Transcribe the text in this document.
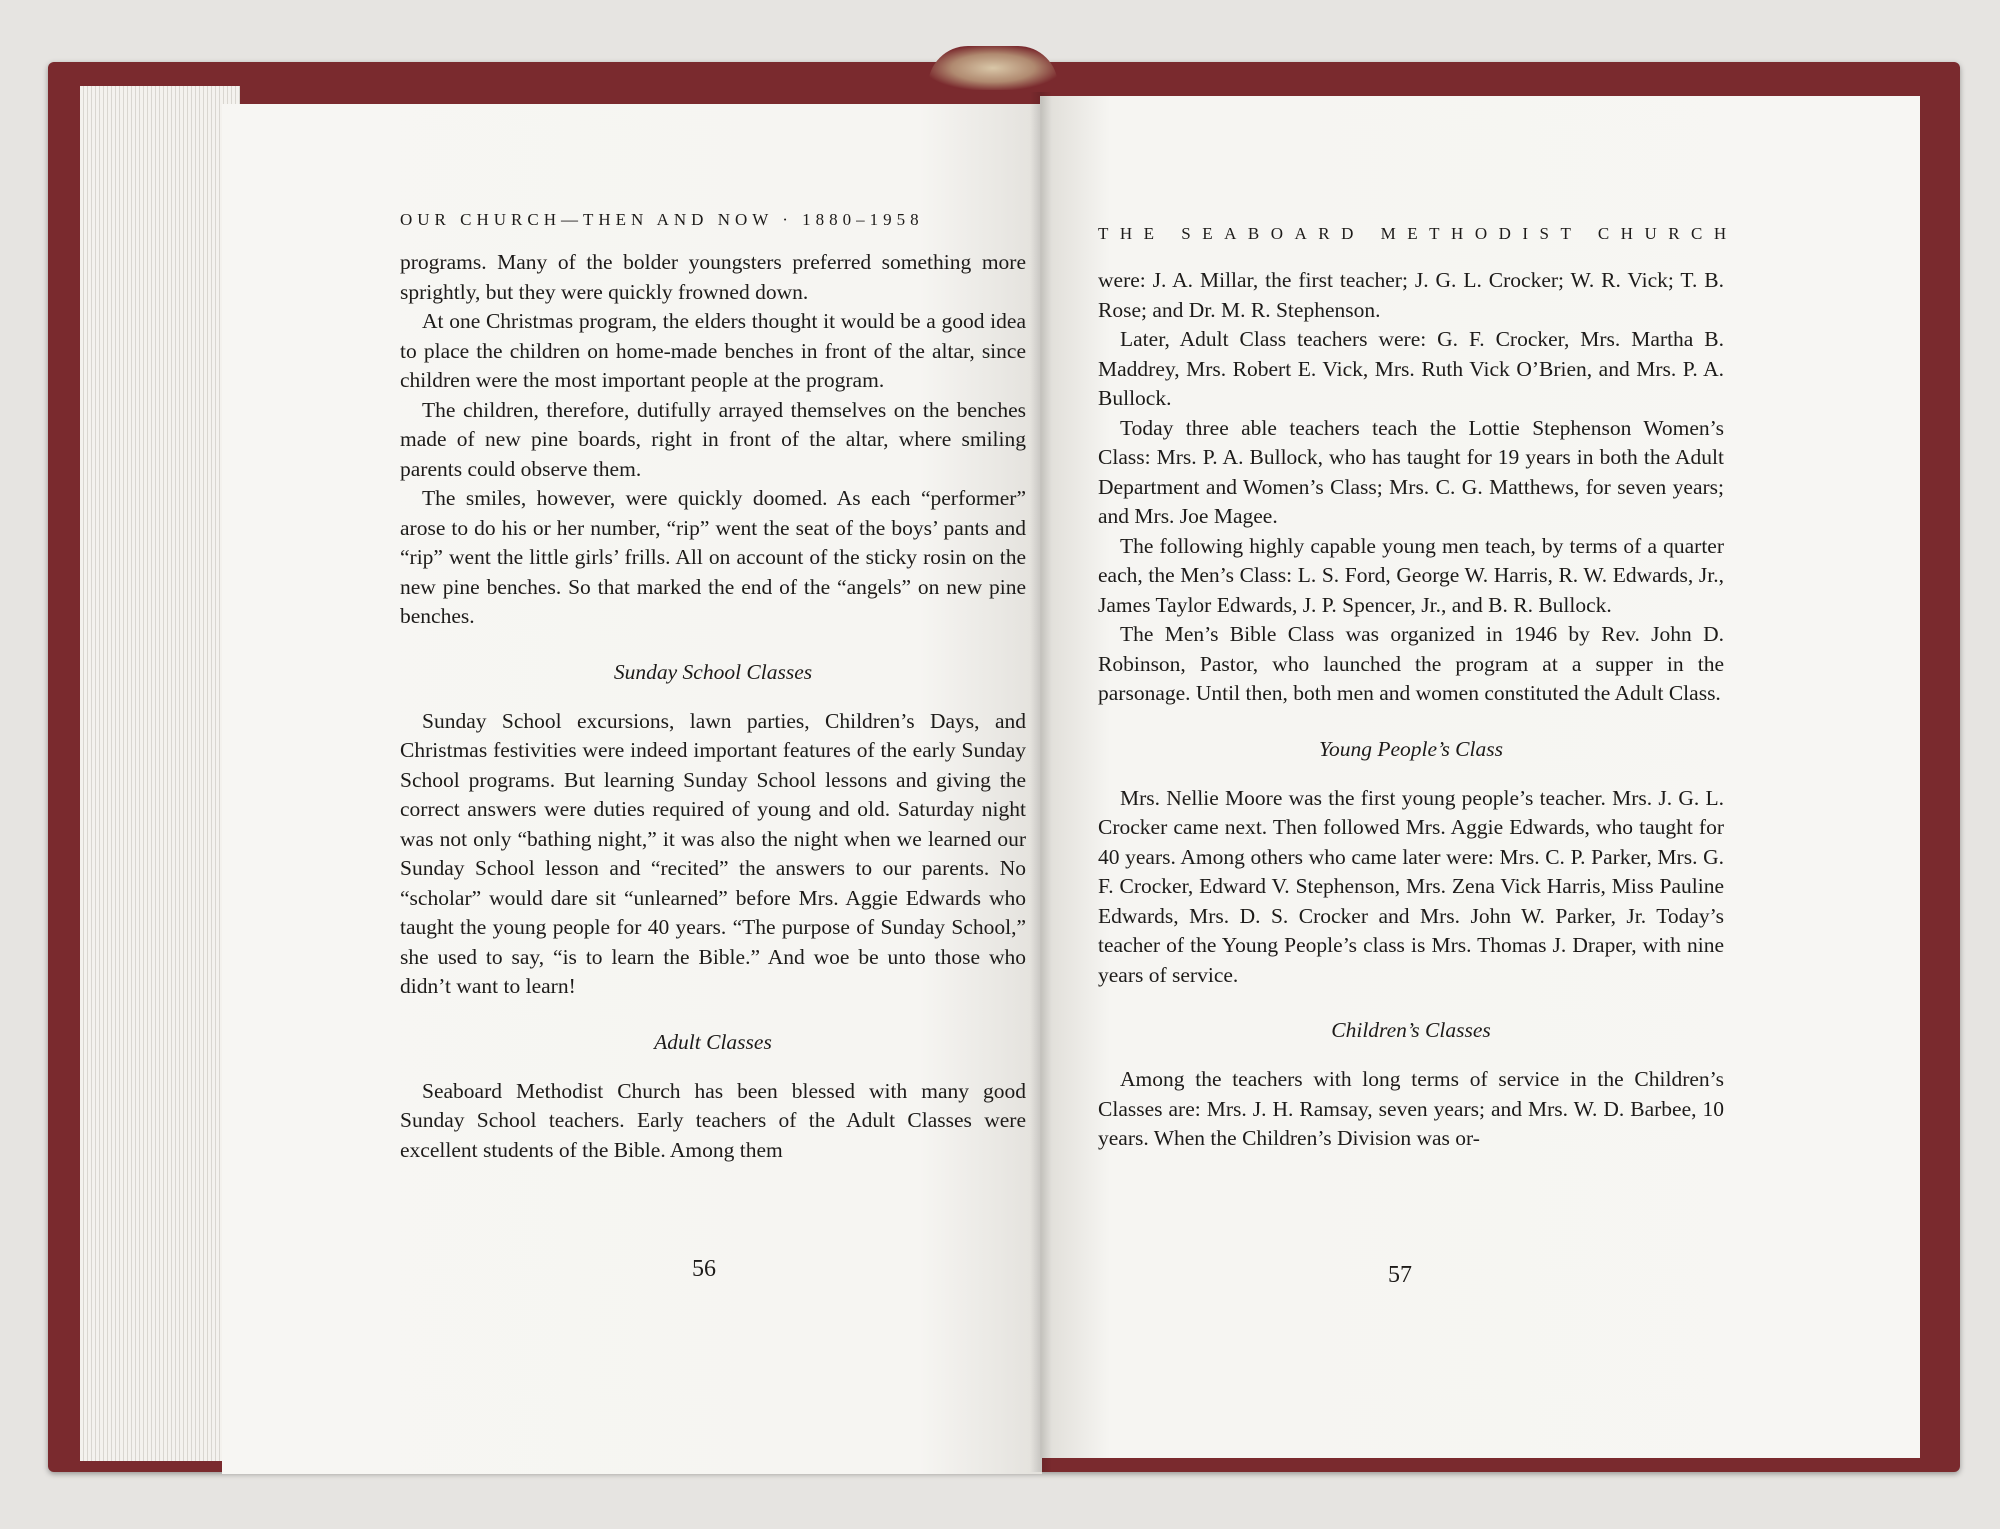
OUR CHURCH—THEN AND NOW · 1880–1958

programs. Many of the bolder youngsters preferred something more sprightly, but they were quickly frowned down.

At one Christmas program, the elders thought it would be a good idea to place the children on home-made benches in front of the altar, since children were the most important people at the program.

The children, therefore, dutifully arrayed themselves on the benches made of new pine boards, right in front of the altar, where smiling parents could observe them.

The smiles, however, were quickly doomed. As each “performer” arose to do his or her number, “rip” went the seat of the boys’ pants and “rip” went the little girls’ frills. All on account of the sticky rosin on the new pine benches. So that marked the end of the “angels” on new pine benches.

Sunday School Classes

Sunday School excursions, lawn parties, Children’s Days, and Christmas festivities were indeed important features of the early Sunday School programs. But learning Sunday School lessons and giving the correct answers were duties required of young and old. Saturday night was not only “bathing night,” it was also the night when we learned our Sunday School lesson and “recited” the answers to our parents. No “scholar” would dare sit “unlearned” before Mrs. Aggie Edwards who taught the young people for 40 years. “The purpose of Sunday School,” she used to say, “is to learn the Bible.” And woe be unto those who didn’t want to learn!

Adult Classes

Seaboard Methodist Church has been blessed with many good Sunday School teachers. Early teachers of the Adult Classes were excellent students of the Bible. Among them

56
THE SEABOARD METHODIST CHURCH

were: J. A. Millar, the first teacher; J. G. L. Crocker; W. R. Vick; T. B. Rose; and Dr. M. R. Stephenson.

Later, Adult Class teachers were: G. F. Crocker, Mrs. Martha B. Maddrey, Mrs. Robert E. Vick, Mrs. Ruth Vick O’Brien, and Mrs. P. A. Bullock.

Today three able teachers teach the Lottie Stephenson Women’s Class: Mrs. P. A. Bullock, who has taught for 19 years in both the Adult Department and Women’s Class; Mrs. C. G. Matthews, for seven years; and Mrs. Joe Magee.

The following highly capable young men teach, by terms of a quarter each, the Men’s Class: L. S. Ford, George W. Harris, R. W. Edwards, Jr., James Taylor Edwards, J. P. Spencer, Jr., and B. R. Bullock.

The Men’s Bible Class was organized in 1946 by Rev. John D. Robinson, Pastor, who launched the program at a supper in the parsonage. Until then, both men and women constituted the Adult Class.

Young People’s Class

Mrs. Nellie Moore was the first young people’s teacher. Mrs. J. G. L. Crocker came next. Then followed Mrs. Aggie Edwards, who taught for 40 years. Among others who came later were: Mrs. C. P. Parker, Mrs. G. F. Crocker, Edward V. Stephenson, Mrs. Zena Vick Harris, Miss Pauline Edwards, Mrs. D. S. Crocker and Mrs. John W. Parker, Jr. Today’s teacher of the Young People’s class is Mrs. Thomas J. Draper, with nine years of service.

Children’s Classes

Among the teachers with long terms of service in the Children’s Classes are: Mrs. J. H. Ramsay, seven years; and Mrs. W. D. Barbee, 10 years. When the Children’s Division was or-

57
